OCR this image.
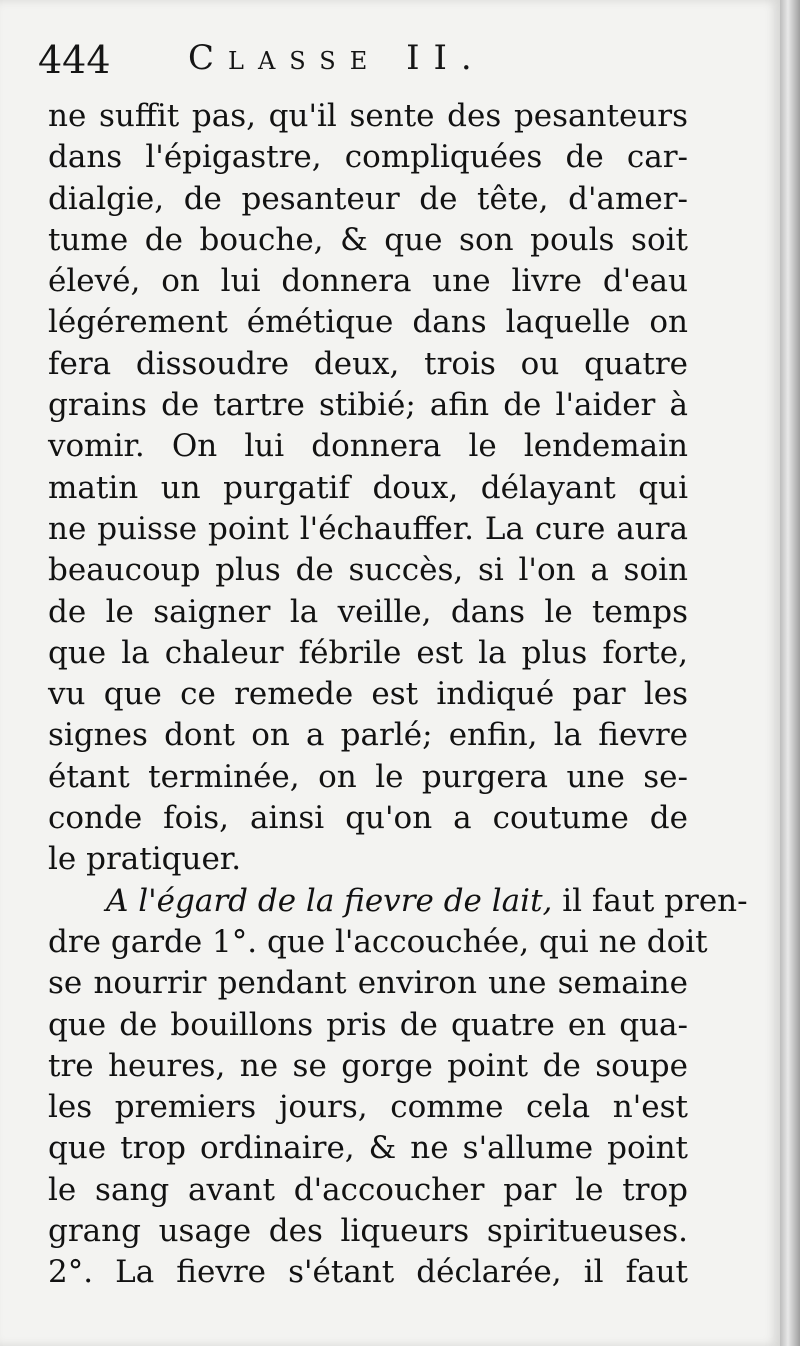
444 Classe II.
ne suffit pas, qu'il sente des pesanteurs
dans l'épigastre, compliquées de car-
dialgie, de pesanteur de tête, d'amer-
tume de bouche, & que son pouls soit
élevé, on lui donnera une livre d'eau
légérement émétique dans laquelle on
fera dissoudre deux, trois ou quatre
grains de tartre stibié; afin de l'aider à
vomir. On lui donnera le lendemain
matin un purgatif doux, délayant qui
ne puisse point l'échauffer. La cure aura
beaucoup plus de succès, si l'on a soin
de le saigner la veille, dans le temps
que la chaleur fébrile est la plus forte,
vu que ce remede est indiqué par les
signes dont on a parlé; enfin, la fievre
étant terminée, on le purgera une se-
conde fois, ainsi qu'on a coutume de
le pratiquer.
A l'égard de la fievre de lait, il faut pren-
dre garde 1°. que l'accouchée, qui ne doit
se nourrir pendant environ une semaine
que de bouillons pris de quatre en qua-
tre heures, ne se gorge point de soupe
les premiers jours, comme cela n'est
que trop ordinaire, & ne s'allume point
le sang avant d'accoucher par le trop
grang usage des liqueurs spiritueuses.
2°. La fievre s'étant déclarée, il faut
